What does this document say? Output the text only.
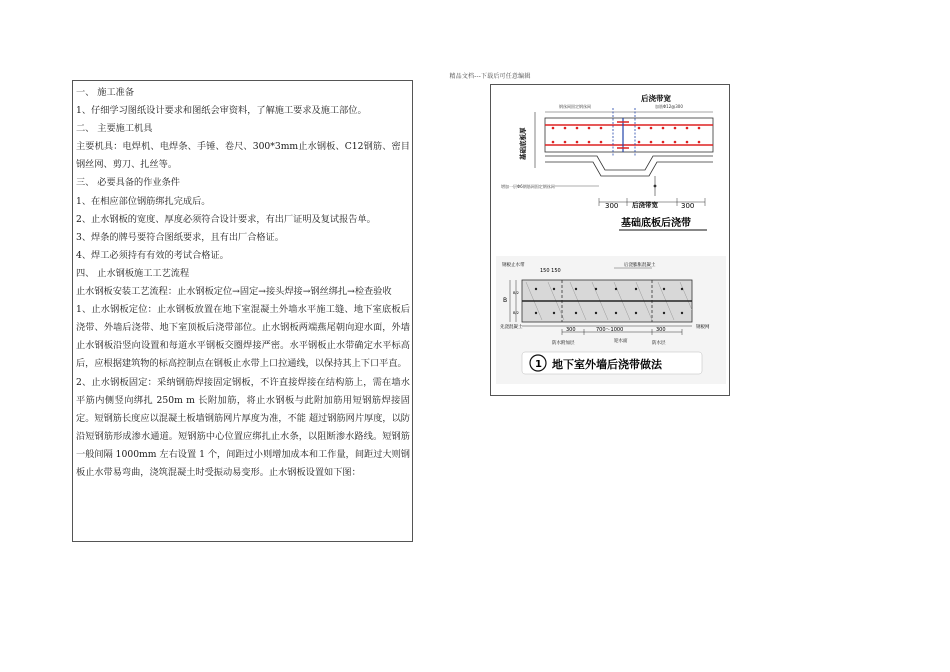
精品文档---下载后可任意编辑

一、 施工准备

1、仔细学习图纸设计要求和图纸会审资料，了解施工要求及施工部位。

二、 主要施工机具

主要机具：电焊机、电焊条、手锤、卷尺、300*3mm止水钢板、C12钢筋、密目钢丝网、剪刀、扎丝等。

三、 必要具备的作业条件

1、在相应部位钢筋绑扎完成后。

2、止水钢板的宽度、厚度必须符合设计要求，有出厂证明及复试报告单。

3、焊条的牌号要符合图纸要求，且有出厂合格证。

4、焊工必须持有有效的考试合格证。

四、 止水钢板施工工艺流程

止水钢板安装工艺流程：止水钢板定位→固定→接头焊接→钢丝绑扎→检查验收

1、止水钢板定位：止水钢板放置在地下室混凝土外墙水平施工缝、地下室底板后浇带、外墙后浇带、地下室顶板后浇带部位。止水钢板两端燕尾朝向迎水面，外墙止水钢板沿竖向设置和每道水平钢板交圈焊接严密。水平钢板止水带确定水平标高后，应根据建筑物的标高控制点在钢板止水带上口拉通线，以保持其上下口平直。

2、止水钢板固定：采纳钢筋焊接固定钢板，不许直接焊接在结构筋上，需在墙水平筋内侧竖向绑扎 250m m 长附加筋，将止水钢板与此附加筋用短钢筋焊接固定。短钢筋长度应以混凝土板墙钢筋网片厚度为准，不能 超过钢筋网片厚度，以防沿短钢筋形成渗水通道。短钢筋中心位置应绑扎止水条，以阻断渗水路线。短钢筋一般间隔 1000mm 左右设置 1 个，间距过小则增加成本和工作量，间距过大则钢板止水带易弯曲，浇筑混凝土时受振动易变形。止水钢板设置如下图：

后浇带宽
钢丝网固定钢丝网	加筋Φ12@300
基础底板厚
增加一层Φ6钢筋网固定钢丝网
300	300
后浇带宽
基础底板后浇带
钢板止水带
150 150
后浇膨胀混凝土
B
B/2
B/2
先浇混凝土	钢板网
300	700～1000	300
防水附加层	迎水面	防水层
1 地下室外墙后浇带做法
